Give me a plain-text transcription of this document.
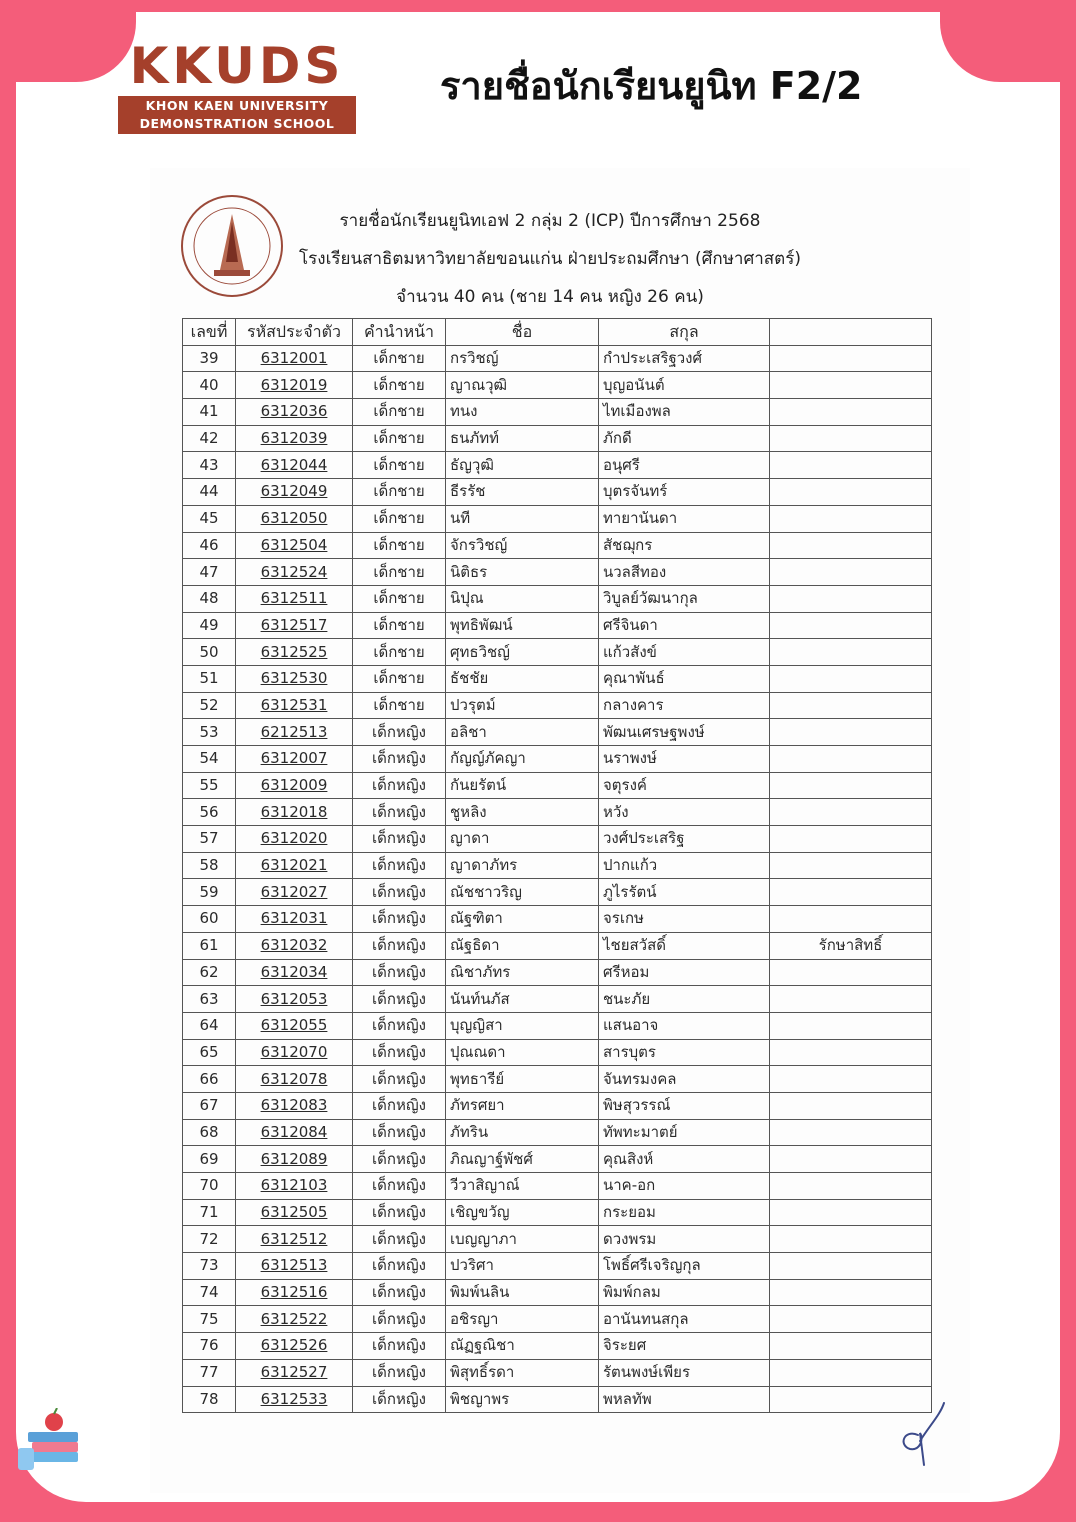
KKUDS
KHON KAEN UNIVERSITY
DEMONSTRATION SCHOOL
รายชื่อนักเรียนยูนิท F2/2
รายชื่อนักเรียนยูนิทเอฟ 2 กลุ่ม 2 (ICP) ปีการศึกษา 2568
โรงเรียนสาธิตมหาวิทยาลัยขอนแก่น ฝ่ายประถมศึกษา (ศึกษาศาสตร์)
จำนวน 40 คน (ชาย 14 คน หญิง 26 คน)
เลขที่	รหัสประจำตัว	คำนำหน้า	ชื่อ	สกุล	
39	6312001	เด็กชาย	กรวิชญ์	กำประเสริฐวงศ์	
40	6312019	เด็กชาย	ญาณวุฒิ	บุญอนันต์	
41	6312036	เด็กชาย	ทนง	ไทเมืองพล	
42	6312039	เด็กชาย	ธนภัทท์	ภักดี	
43	6312044	เด็กชาย	ธัญวุฒิ	อนุศรี	
44	6312049	เด็กชาย	ธีรรัช	บุตรจันทร์	
45	6312050	เด็กชาย	นที	ทายานันดา	
46	6312504	เด็กชาย	จักรวิชญ์	สัชฌุกร	
47	6312524	เด็กชาย	นิติธร	นวลสีทอง	
48	6312511	เด็กชาย	นิปุณ	วิบูลย์วัฒนากุล	
49	6312517	เด็กชาย	พุทธิพัฒน์	ศรีจินดา	
50	6312525	เด็กชาย	ศุทธวิชญ์	แก้วสังข์	
51	6312530	เด็กชาย	ธัชชัย	คุณาพันธ์	
52	6312531	เด็กชาย	ปวรุตม์	กลางคาร	
53	6212513	เด็กหญิง	อลิชา	พัฒนเศรษฐพงษ์	
54	6312007	เด็กหญิง	กัญญ์ภัคญา	นราพงษ์	
55	6312009	เด็กหญิง	กันยรัตน์	จตุรงค์	
56	6312018	เด็กหญิง	ชูหลิง	หวัง	
57	6312020	เด็กหญิง	ญาดา	วงศ์ประเสริฐ	
58	6312021	เด็กหญิง	ญาดาภัทร	ปากแก้ว	
59	6312027	เด็กหญิง	ณัชชาวริญ	ภูไรรัตน์	
60	6312031	เด็กหญิง	ณัฐฑิตา	จรเกษ	
61	6312032	เด็กหญิง	ณัฐธิดา	ไชยสวัสดิ์	รักษาสิทธิ์
62	6312034	เด็กหญิง	ณิชาภัทร	ศรีหอม	
63	6312053	เด็กหญิง	นันท์นภัส	ชนะภัย	
64	6312055	เด็กหญิง	บุญญิสา	แสนอาจ	
65	6312070	เด็กหญิง	ปุณณดา	สารบุตร	
66	6312078	เด็กหญิง	พุทธารีย์	จันทรมงคล	
67	6312083	เด็กหญิง	ภัทรศยา	พิษสุวรรณ์	
68	6312084	เด็กหญิง	ภัทริน	ทัพทะมาตย์	
69	6312089	เด็กหญิง	ภิณญาฐ์พัชศ์	คุณสิงห์	
70	6312103	เด็กหญิง	วีวาสิญาณ์	นาค-อก	
71	6312505	เด็กหญิง	เชิญขวัญ	กระยอม	
72	6312512	เด็กหญิง	เบญญาภา	ดวงพรม	
73	6312513	เด็กหญิง	ปวริศา	โพธิ์ศรีเจริญกุล	
74	6312516	เด็กหญิง	พิมพ์นลิน	พิมพ์กลม	
75	6312522	เด็กหญิง	อชิรญา	อานันทนสกุล	
76	6312526	เด็กหญิง	ณัฏฐณิชา	จิระยศ	
77	6312527	เด็กหญิง	พิสุทธิ์รดา	รัตนพงษ์เพียร	
78	6312533	เด็กหญิง	พิชญาพร	พหลทัพ	
